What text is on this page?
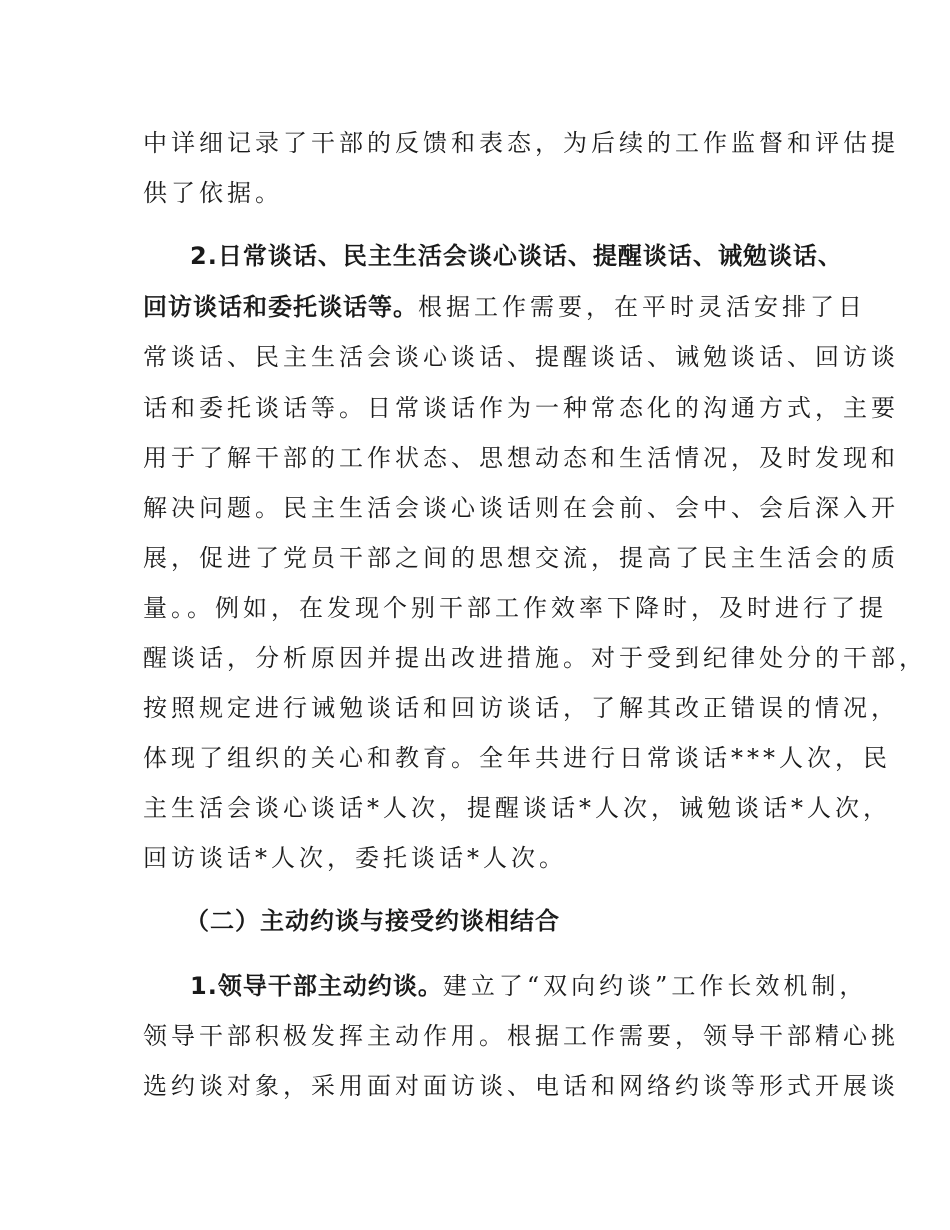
中详细记录了干部的反馈和表态，为后续的工作监督和评估提
供了依据。
2.日常谈话、民主生活会谈心谈话、提醒谈话、诫勉谈话、
回访谈话和委托谈话等。根据工作需要，在平时灵活安排了日
常谈话、民主生活会谈心谈话、提醒谈话、诫勉谈话、回访谈
话和委托谈话等。日常谈话作为一种常态化的沟通方式，主要
用于了解干部的工作状态、思想动态和生活情况，及时发现和
解决问题。民主生活会谈心谈话则在会前、会中、会后深入开
展，促进了党员干部之间的思想交流，提高了民主生活会的质
量。。例如，在发现个别干部工作效率下降时，及时进行了提
醒谈话，分析原因并提出改进措施。对于受到纪律处分的干部，
按照规定进行诫勉谈话和回访谈话，了解其改正错误的情况，
体现了组织的关心和教育。全年共进行日常谈话***人次，民
主生活会谈心谈话*人次，提醒谈话*人次，诫勉谈话*人次，
回访谈话*人次，委托谈话*人次。
（二）主动约谈与接受约谈相结合
1.领导干部主动约谈。建立了“双向约谈”工作长效机制，
领导干部积极发挥主动作用。根据工作需要，领导干部精心挑
选约谈对象，采用面对面访谈、电话和网络约谈等形式开展谈
